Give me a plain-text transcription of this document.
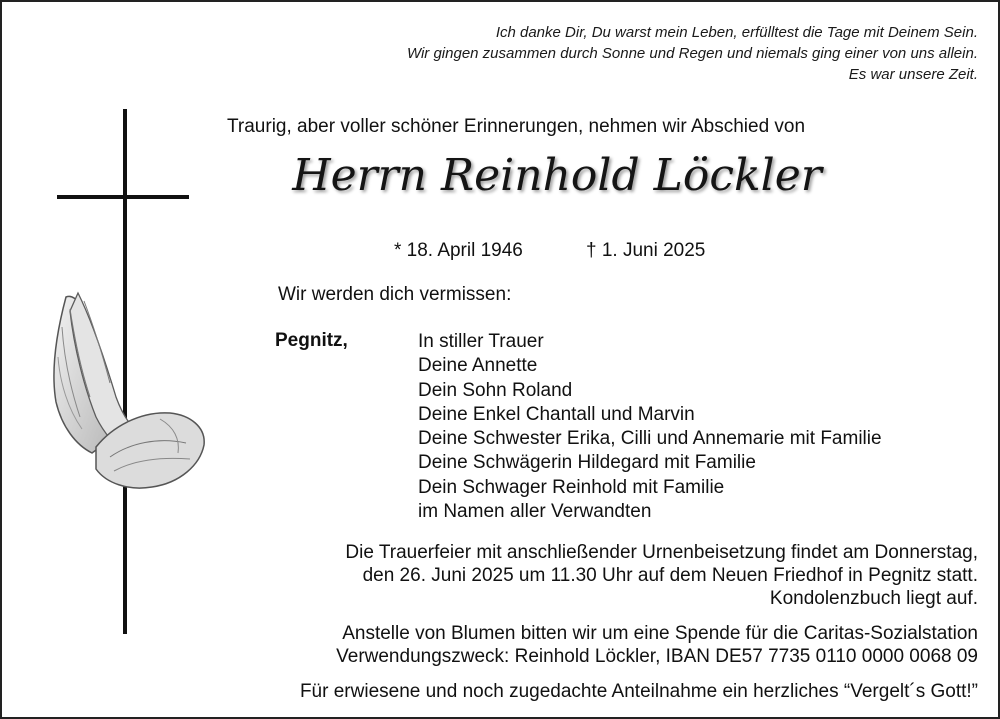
Ich danke Dir, Du warst mein Leben, erfülltest die Tage mit Deinem Sein.
Wir gingen zusammen durch Sonne und Regen und niemals ging einer von uns allein.
Es war unsere Zeit.
Traurig, aber voller schöner Erinnerungen, nehmen wir Abschied von
Herrn Reinhold Löckler
* 18. April 1946	† 1. Juni 2025
Wir werden dich vermissen:
Pegnitz,	In stiller Trauer
Deine Annette
Dein Sohn Roland
Deine Enkel Chantall und Marvin
Deine Schwester Erika, Cilli und Annemarie mit Familie
Deine Schwägerin Hildegard mit Familie
Dein Schwager Reinhold mit Familie
im Namen aller Verwandten
Die Trauerfeier mit anschließender Urnenbeisetzung findet am Donnerstag,
den 26. Juni 2025 um 11.30 Uhr auf dem Neuen Friedhof in Pegnitz statt.
Kondolenzbuch liegt auf.
Anstelle von Blumen bitten wir um eine Spende für die Caritas-Sozialstation
Verwendungszweck: Reinhold Löckler, IBAN DE57 7735 0110 0000 0068 09
Für erwiesene und noch zugedachte Anteilnahme ein herzliches “Vergelt´s Gott!”
